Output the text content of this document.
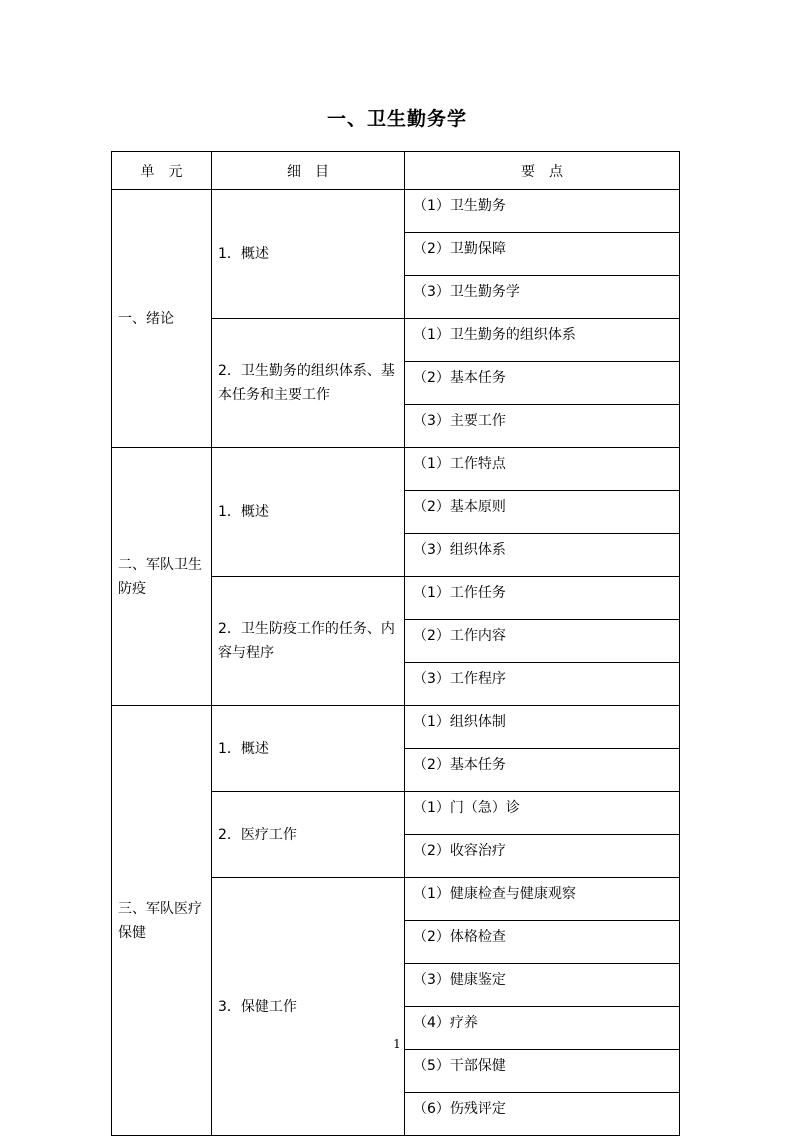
一、卫生勤务学
单　元	细　目	要　点
一、绪论	1．概述	（1）卫生勤务
		（2）卫勤保障
		（3）卫生勤务学
	2．卫生勤务的组织体系、基本任务和主要工作	（1）卫生勤务的组织体系
		（2）基本任务
		（3）主要工作
二、军队卫生防疫	1．概述	（1）工作特点
		（2）基本原则
		（3）组织体系
	2．卫生防疫工作的任务、内容与程序	（1）工作任务
		（2）工作内容
		（3）工作程序
三、军队医疗保健	1．概述	（1）组织体制
		（2）基本任务
	2．医疗工作	（1）门（急）诊
		（2）收容治疗
	3．保健工作	（1）健康检查与健康观察
		（2）体格检查
		（3）健康鉴定
		（4）疗养
		（5）干部保健
		（6）伤残评定
1
